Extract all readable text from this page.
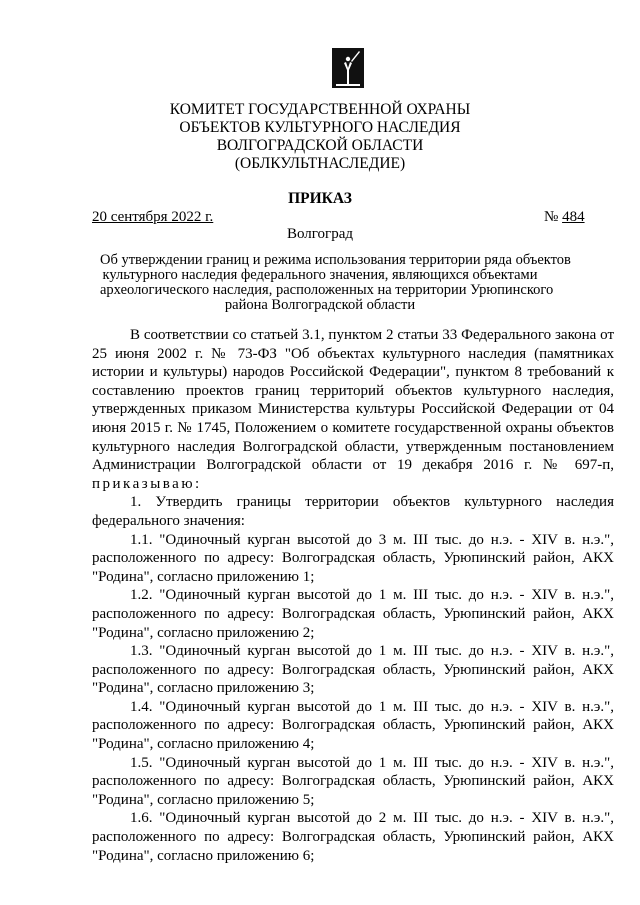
КОМИТЕТ ГОСУДАРСТВЕННОЙ ОХРАНЫ
ОБЪЕКТОВ КУЛЬТУРНОГО НАСЛЕДИЯ
ВОЛГОГРАДСКОЙ ОБЛАСТИ
(ОБЛКУЛЬТНАСЛЕДИЕ)
ПРИКАЗ
20 сентября 2022 г.	№ 484
Волгоград
Об утверждении границ и режима использования территории ряда объектов
культурного наследия федерального значения, являющихся объектами
археологического наследия, расположенных на территории Урюпинского
района Волгоградской области

В соответствии со статьей 3.1, пунктом 2 статьи 33 Федерального закона от 25 июня 2002 г. № 73-ФЗ "Об объектах культурного наследия (памятниках истории и культуры) народов Российской Федерации", пунктом 8 требований к составлению проектов границ территорий объектов культурного наследия, утвержденных приказом Министерства культуры Российской Федерации от 04 июня 2015 г. № 1745, Положением о комитете государственной охраны объектов культурного наследия Волгоградской области, утвержденным постановлением Администрации Волгоградской области от 19 декабря 2016 г. № 697-п, приказываю:

1. Утвердить границы территории объектов культурного наследия федерального значения:

1.1. "Одиночный курган высотой до 3 м. III тыс. до н.э. - XIV в. н.э.", расположенного по адресу: Волгоградская область, Урюпинский район, АКХ "Родина", согласно приложению 1;

1.2. "Одиночный курган высотой до 1 м. III тыс. до н.э. - XIV в. н.э.", расположенного по адресу: Волгоградская область, Урюпинский район, АКХ "Родина", согласно приложению 2;

1.3. "Одиночный курган высотой до 1 м. III тыс. до н.э. - XIV в. н.э.", расположенного по адресу: Волгоградская область, Урюпинский район, АКХ "Родина", согласно приложению 3;

1.4. "Одиночный курган высотой до 1 м. III тыс. до н.э. - XIV в. н.э.", расположенного по адресу: Волгоградская область, Урюпинский район, АКХ "Родина", согласно приложению 4;

1.5. "Одиночный курган высотой до 1 м. III тыс. до н.э. - XIV в. н.э.", расположенного по адресу: Волгоградская область, Урюпинский район, АКХ "Родина", согласно приложению 5;

1.6. "Одиночный курган высотой до 2 м. III тыс. до н.э. - XIV в. н.э.", расположенного по адресу: Волгоградская область, Урюпинский район, АКХ "Родина", согласно приложению 6;
